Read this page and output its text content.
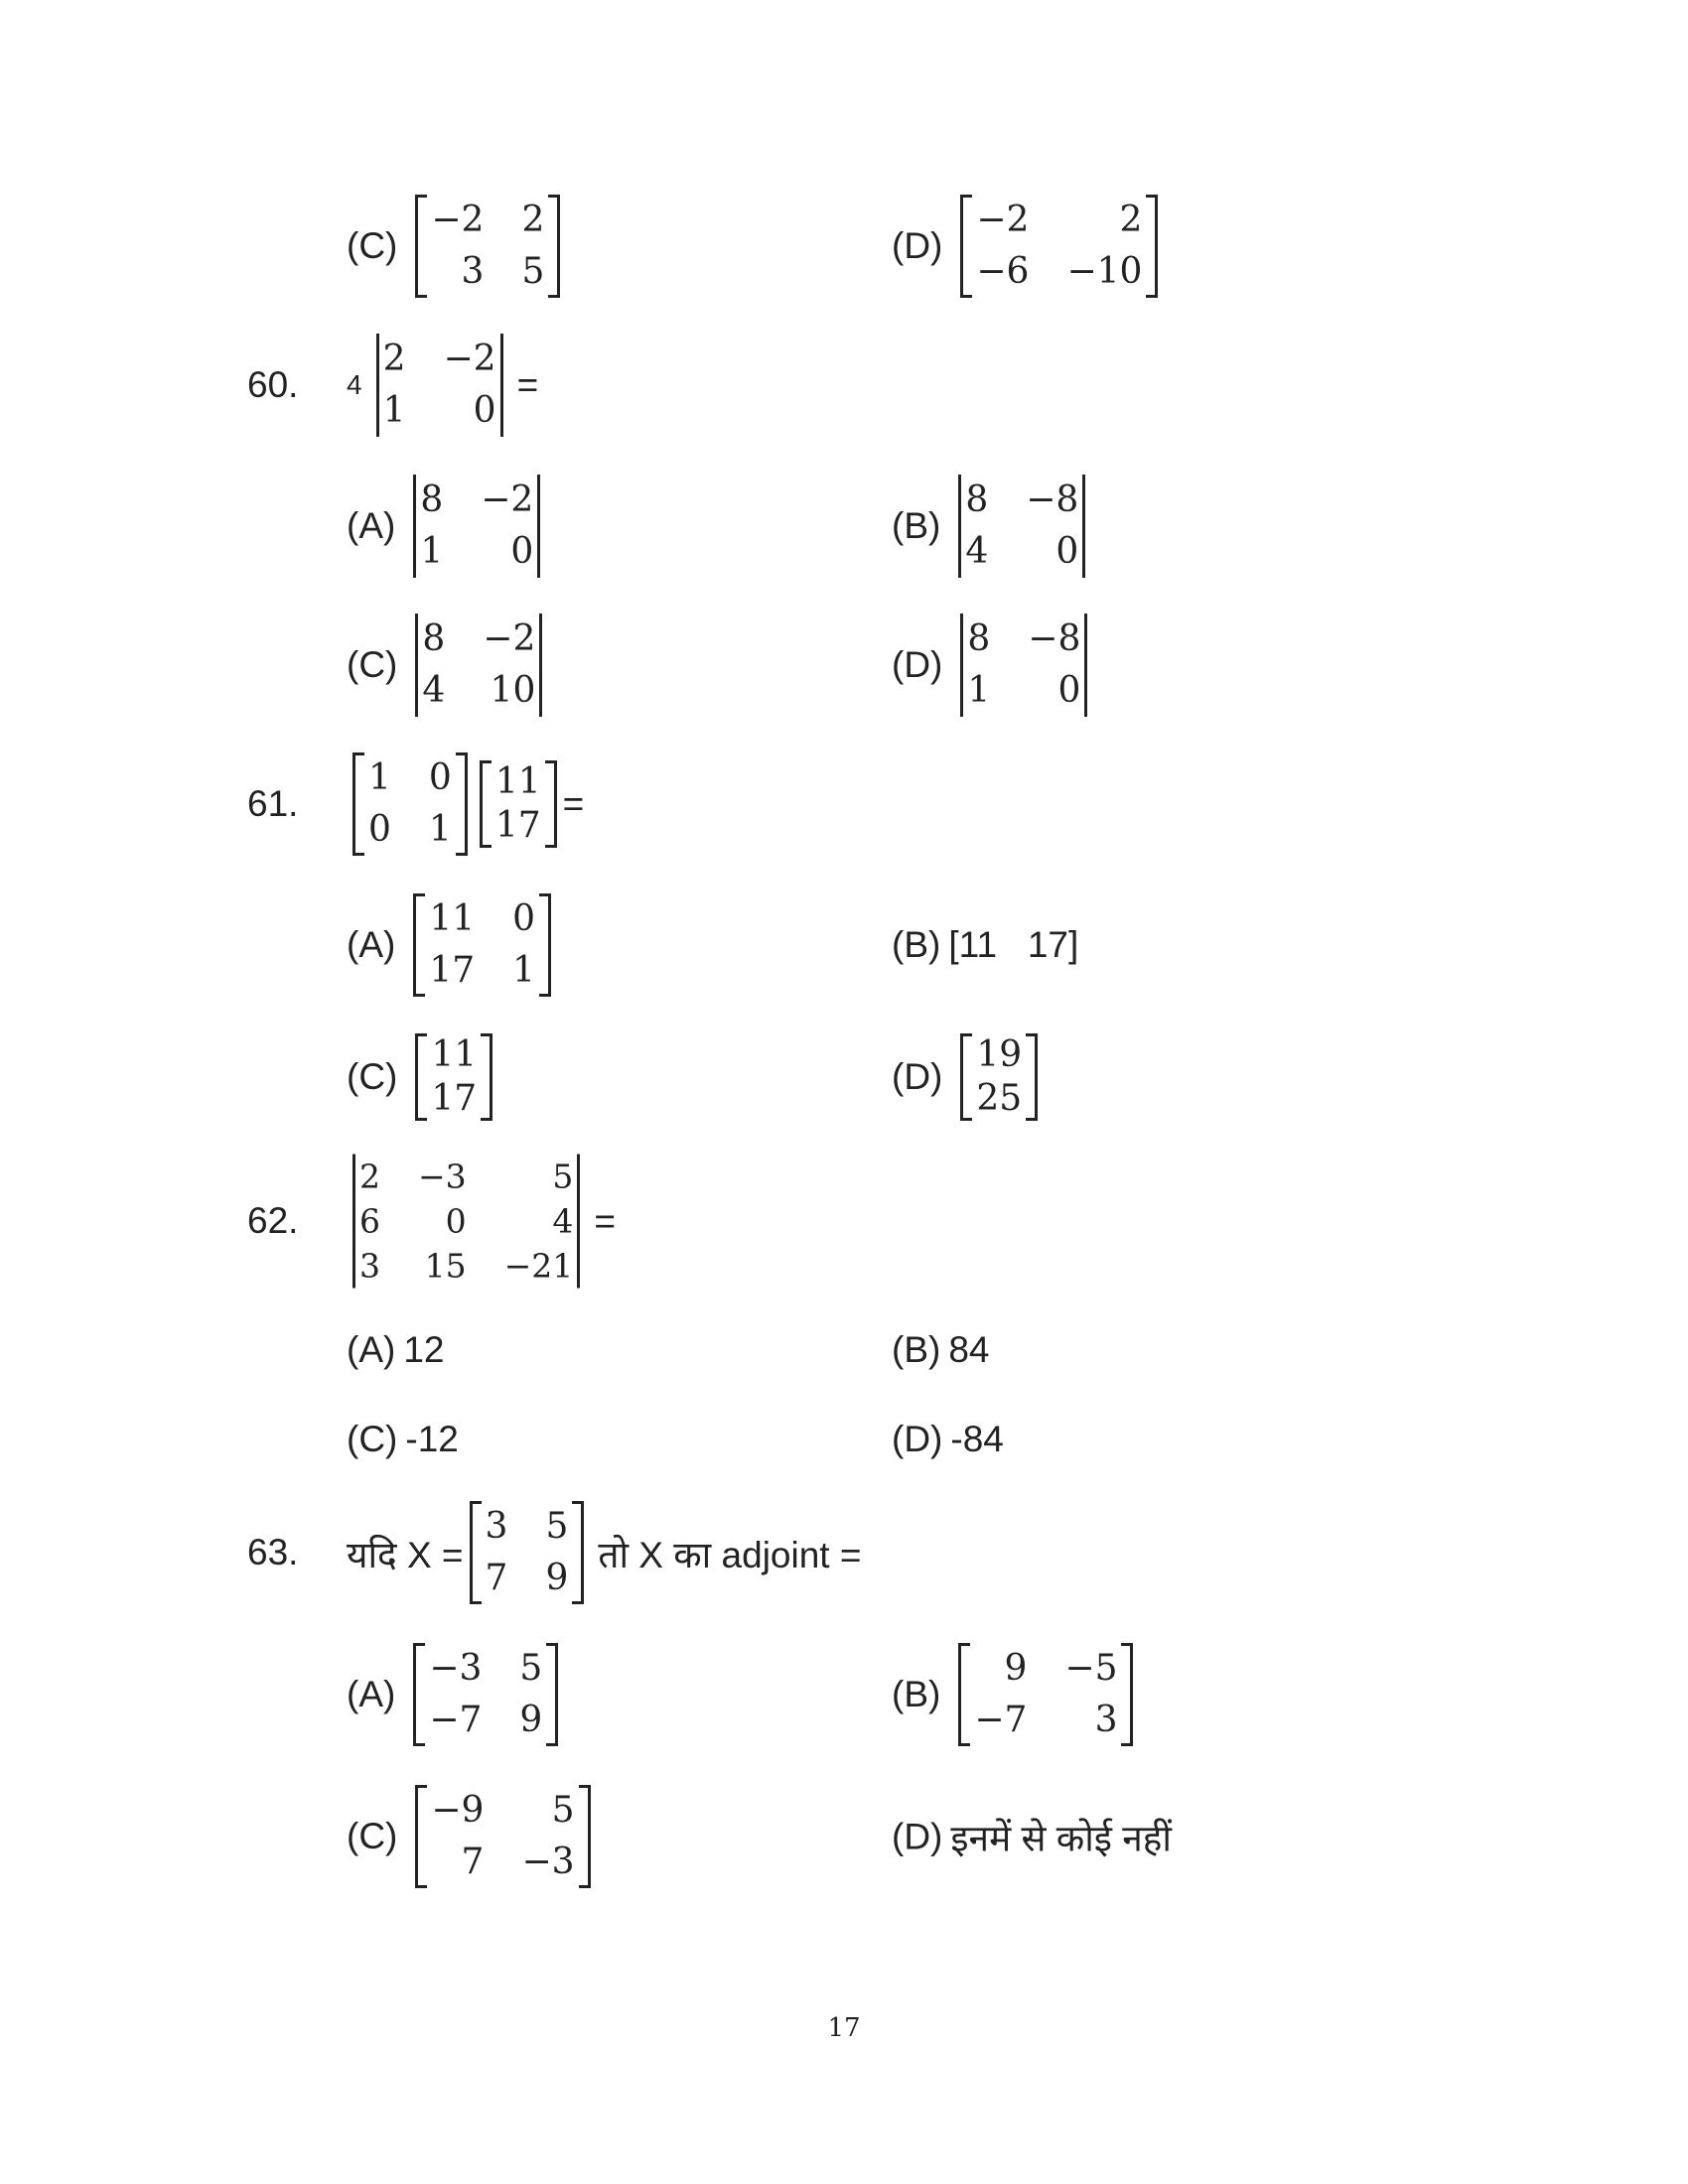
(C)
−2 2
3 5
(D)
−2	2
−6 −10
60. 4
2 −2
1	0
=
(A)
8 −2
1	0
(B)
8 −8
4	0
(C)
8 −2
4 10
(D)
8 −8
1	0
61.
1 0
0 1
11
17
=
(A)
11 0
17 1
(B) [11   17]
(C)
11
17
(D)
19
25
62.
2 −3	5
6	0	4
3 15 −21
=
(A) 12	(B) 84
(C) -12	(D) -84
63. यदि X =
3 5
7 9
तो X का adjoint =
(A)
−3 5
−7 9
(B)
9 −5
−7	3
(C)
−9	5
7 −3
(D) इनमें से कोई नहीं
17
